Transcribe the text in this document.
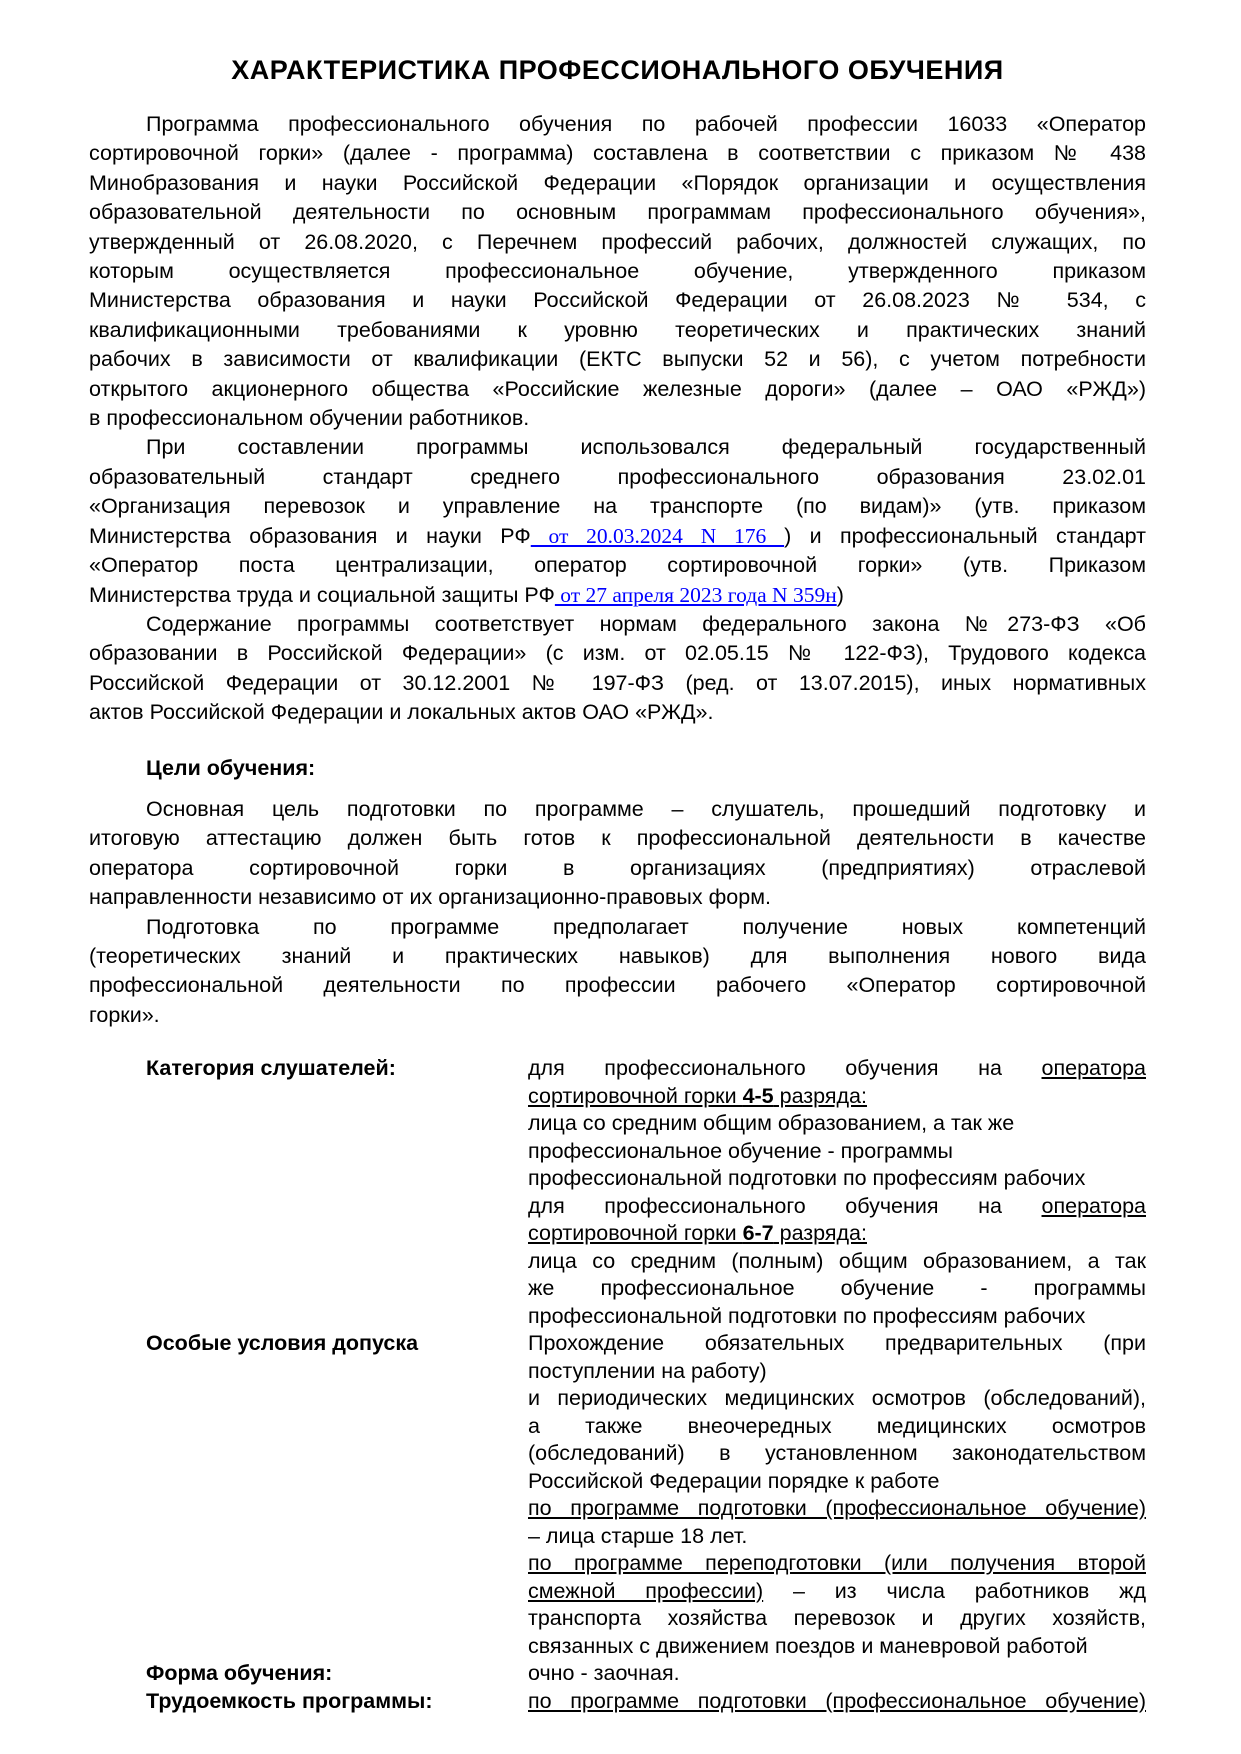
ХАРАКТЕРИСТИКА ПРОФЕССИОНАЛЬНОГО ОБУЧЕНИЯ
Программа профессионального обучения по рабочей профессии 16033 «Оператор
сортировочной горки» (далее - программа) составлена в соответствии с приказом № 438
Минобразования и науки Российской Федерации «Порядок организации и осуществления
образовательной деятельности по основным программам профессионального обучения»,
утвержденный от 26.08.2020, с Перечнем профессий рабочих, должностей служащих, по
которым осуществляется профессиональное обучение, утвержденного приказом
Министерства образования и науки Российской Федерации от 26.08.2023 № 534, с
квалификационными требованиями к уровню теоретических и практических знаний
рабочих в зависимости от квалификации (ЕКТС выпуски 52 и 56), с учетом потребности
открытого акционерного общества «Российские железные дороги» (далее – ОАО «РЖД»)
в профессиональном обучении работников.
При составлении программы использовался федеральный государственный
образовательный стандарт среднего профессионального образования 23.02.01
«Организация перевозок и управление на транспорте (по видам)» (утв. приказом
Министерства образования и науки РФ от 20.03.2024 N 176 ) и профессиональный стандарт
«Оператор поста централизации, оператор сортировочной горки» (утв. Приказом
Министерства труда и социальной защиты РФ от 27 апреля 2023 года N 359н)
Содержание программы соответствует нормам федерального закона №273-ФЗ «Об
образовании в Российской Федерации» (с изм. от 02.05.15 № 122-ФЗ), Трудового кодекса
Российской Федерации от 30.12.2001 № 197-ФЗ (ред. от 13.07.2015), иных нормативных
актов Российской Федерации и локальных актов ОАО «РЖД».
Цели обучения:
Основная цель подготовки по программе – слушатель, прошедший подготовку и
итоговую аттестацию должен быть готов к профессиональной деятельности в качестве
оператора сортировочной горки в организациях (предприятиях) отраслевой
направленности независимо от их организационно-правовых форм.
Подготовка по программе предполагает получение новых компетенций
(теоретических знаний и практических навыков) для выполнения нового вида
профессиональной деятельности по профессии рабочего «Оператор сортировочной
горки».
Категория слушателей:	для профессионального обучения на оператора
сортировочной горки 4-5 разряда:
лица со средним общим образованием, а так же
профессиональное обучение - программы
профессиональной подготовки по профессиям рабочих
для профессионального обучения на оператора
сортировочной горки 6-7 разряда:
лица со средним (полным) общим образованием, а так
же профессиональное обучение - программы
профессиональной подготовки по профессиям рабочих
Особые условия допуска	Прохождение обязательных предварительных (при
поступлении на работу)
и периодических медицинских осмотров (обследований),
а также внеочередных медицинских осмотров
(обследований) в установленном законодательством
Российской Федерации порядке к работе
по программе подготовки (профессиональное обучение)
– лица старше 18 лет.
по программе переподготовки (или получения второй
смежной профессии) – из числа работников жд
транспорта хозяйства перевозок и других хозяйств,
связанных с движением поездов и маневровой работой
Форма обучения:	очно - заочная.
Трудоемкость программы:	по программе подготовки (профессиональное обучение)
